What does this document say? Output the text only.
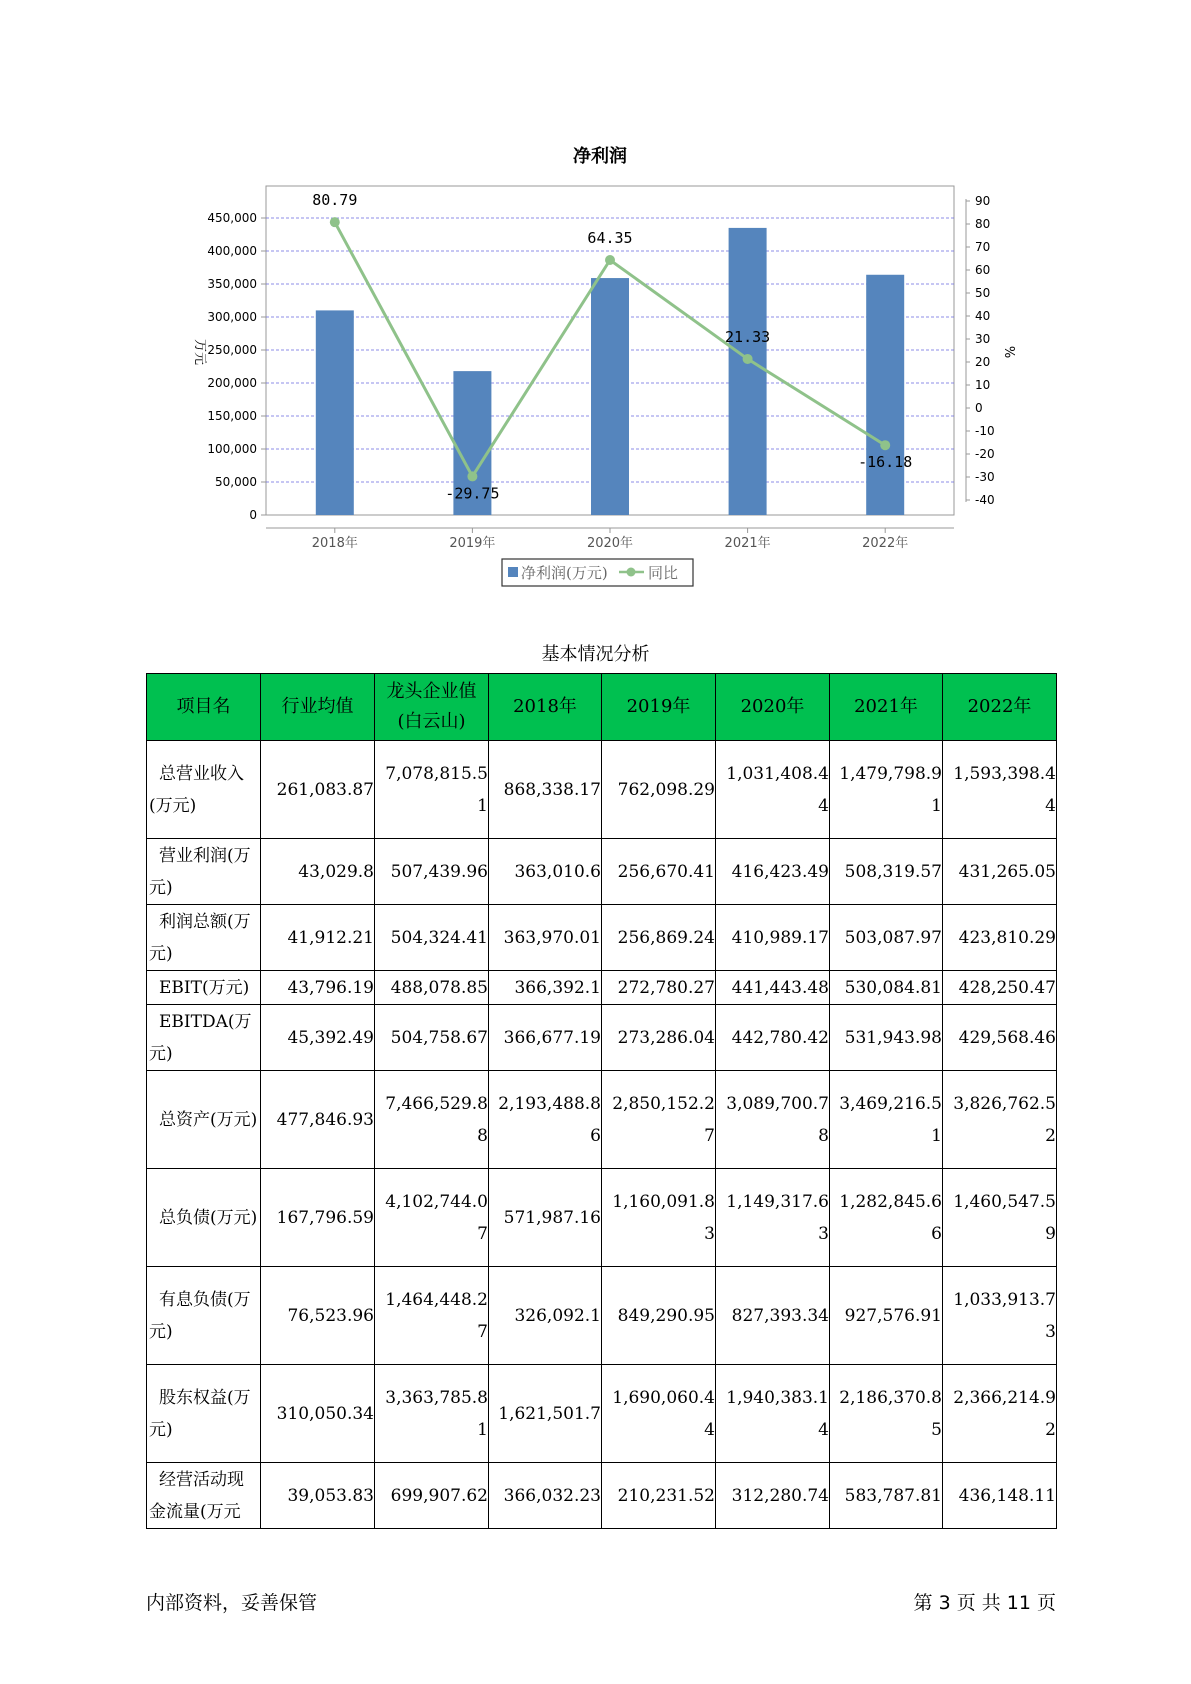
净利润
0
50,000
100,000
150,000
200,000
250,000
300,000
350,000
400,000
450,000
-40
-30
-20
-10
0
10
20
30
40
50
60
70
80
90
2018年	2019年	2020年	2021年	2022年
80.79
-29.75
64.35
21.33
-16.18
万元	%
净利润(万元)	同比
基本情况分析
项目名	行业均值	龙头企业值(白云山)	2018年	2019年	2020年	2021年	2022年
总营业收入(万元)	261,083.87	7,078,815.51	868,338.17	762,098.29	1,031,408.44	1,479,798.91	1,593,398.44
营业利润(万元)	43,029.8	507,439.96	363,010.6	256,670.41	416,423.49	508,319.57	431,265.05
利润总额(万元)	41,912.21	504,324.41	363,970.01	256,869.24	410,989.17	503,087.97	423,810.29
EBIT(万元)	43,796.19	488,078.85	366,392.1	272,780.27	441,443.48	530,084.81	428,250.47
EBITDA(万元)	45,392.49	504,758.67	366,677.19	273,286.04	442,780.42	531,943.98	429,568.46
总资产(万元)	477,846.93	7,466,529.88	2,193,488.86	2,850,152.27	3,089,700.78	3,469,216.51	3,826,762.52
总负债(万元)	167,796.59	4,102,744.07	571,987.16	1,160,091.83	1,149,317.63	1,282,845.66	1,460,547.59
有息负债(万元)	76,523.96	1,464,448.27	326,092.1	849,290.95	827,393.34	927,576.91	1,033,913.73
股东权益(万元)	310,050.34	3,363,785.81	1,621,501.7	1,690,060.44	1,940,383.14	2,186,370.85	2,366,214.92
经营活动现金流量(万元	39,053.83	699,907.62	366,032.23	210,231.52	312,280.74	583,787.81	436,148.11
内部资料，妥善保管	第 3 页 共 11 页
